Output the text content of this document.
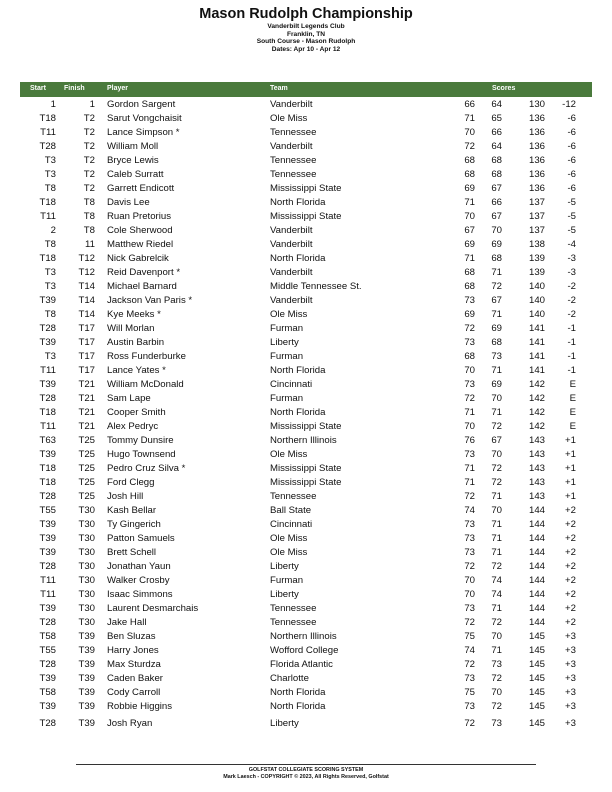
Mason Rudolph Championship
Vanderbilt Legends Club
Franklin, TN
South Course - Mason Rudolph
Dates: Apr 10 - Apr 12
Start	Finish	Player	Team	Scores
1	1 Gordon Sargent	Vanderbilt	66 64	130 -12
T18	T2 Sarut Vongchaisit	Ole Miss	71 65	136 -6
T11	T2 Lance Simpson *	Tennessee	70 66	136 -6
T28	T2 William Moll	Vanderbilt	72 64	136 -6
T3	T2 Bryce Lewis	Tennessee	68 68	136 -6
T3	T2 Caleb Surratt	Tennessee	68 68	136 -6
T8	T2 Garrett Endicott	Mississippi State	69 67	136 -6
T18	T8 Davis Lee	North Florida	71 66	137 -5
T11	T8 Ruan Pretorius	Mississippi State	70 67	137 -5
2	T8 Cole Sherwood	Vanderbilt	67 70	137 -5
T8	11 Matthew Riedel	Vanderbilt	69 69	138 -4
T18 T12 Nick Gabrelcik	North Florida	71 68	139 -3
T3 T12 Reid Davenport *	Vanderbilt	68 71	139 -3
T3 T14 Michael Barnard	Middle Tennessee St.	68 72	140 -2
T39 T14 Jackson Van Paris *	Vanderbilt	73 67	140 -2
T8 T14 Kye Meeks *	Ole Miss	69 71	140 -2
T28 T17 Will Morlan	Furman	72 69	141 -1
T39 T17 Austin Barbin	Liberty	73 68	141 -1
T3 T17 Ross Funderburke	Furman	68 73	141 -1
T11 T17 Lance Yates *	North Florida	70 71	141 -1
T39 T21 William McDonald	Cincinnati	73 69	142	E
T28 T21 Sam Lape	Furman	72 70	142	E
T18 T21 Cooper Smith	North Florida	71 71	142	E
T11 T21 Alex Pedryc	Mississippi State	70 72	142	E
T63 T25 Tommy Dunsire	Northern Illinois	76 67	143 +1
T39 T25 Hugo Townsend	Ole Miss	73 70	143 +1
T18 T25 Pedro Cruz Silva *	Mississippi State	71 72	143 +1
T18 T25 Ford Clegg	Mississippi State	71 72	143 +1
T28 T25 Josh Hill	Tennessee	72 71	143 +1
T55 T30 Kash Bellar	Ball State	74 70	144 +2
T39 T30 Ty Gingerich	Cincinnati	73 71	144 +2
T39 T30 Patton Samuels	Ole Miss	73 71	144 +2
T39 T30 Brett Schell	Ole Miss	73 71	144 +2
T28 T30 Jonathan Yaun	Liberty	72 72	144 +2
T11 T30 Walker Crosby	Furman	70 74	144 +2
T11 T30 Isaac Simmons	Liberty	70 74	144 +2
T39 T30 Laurent Desmarchais	Tennessee	73 71	144 +2
T28 T30 Jake Hall	Tennessee	72 72	144 +2
T58 T39 Ben Sluzas	Northern Illinois	75 70	145 +3
T55 T39 Harry Jones	Wofford College	74 71	145 +3
T28 T39 Max Sturdza	Florida Atlantic	72 73	145 +3
T39 T39 Caden Baker	Charlotte	73 72	145 +3
T58 T39 Cody Carroll	North Florida	75 70	145 +3
T39 T39 Robbie Higgins	North Florida	73 72	145 +3
T28 T39 Josh Ryan	Liberty	72 73	145 +3
GOLFSTAT COLLEGIATE SCORING SYSTEM
Mark Laesch - COPYRIGHT © 2023, All Rights Reserved, Golfstat
